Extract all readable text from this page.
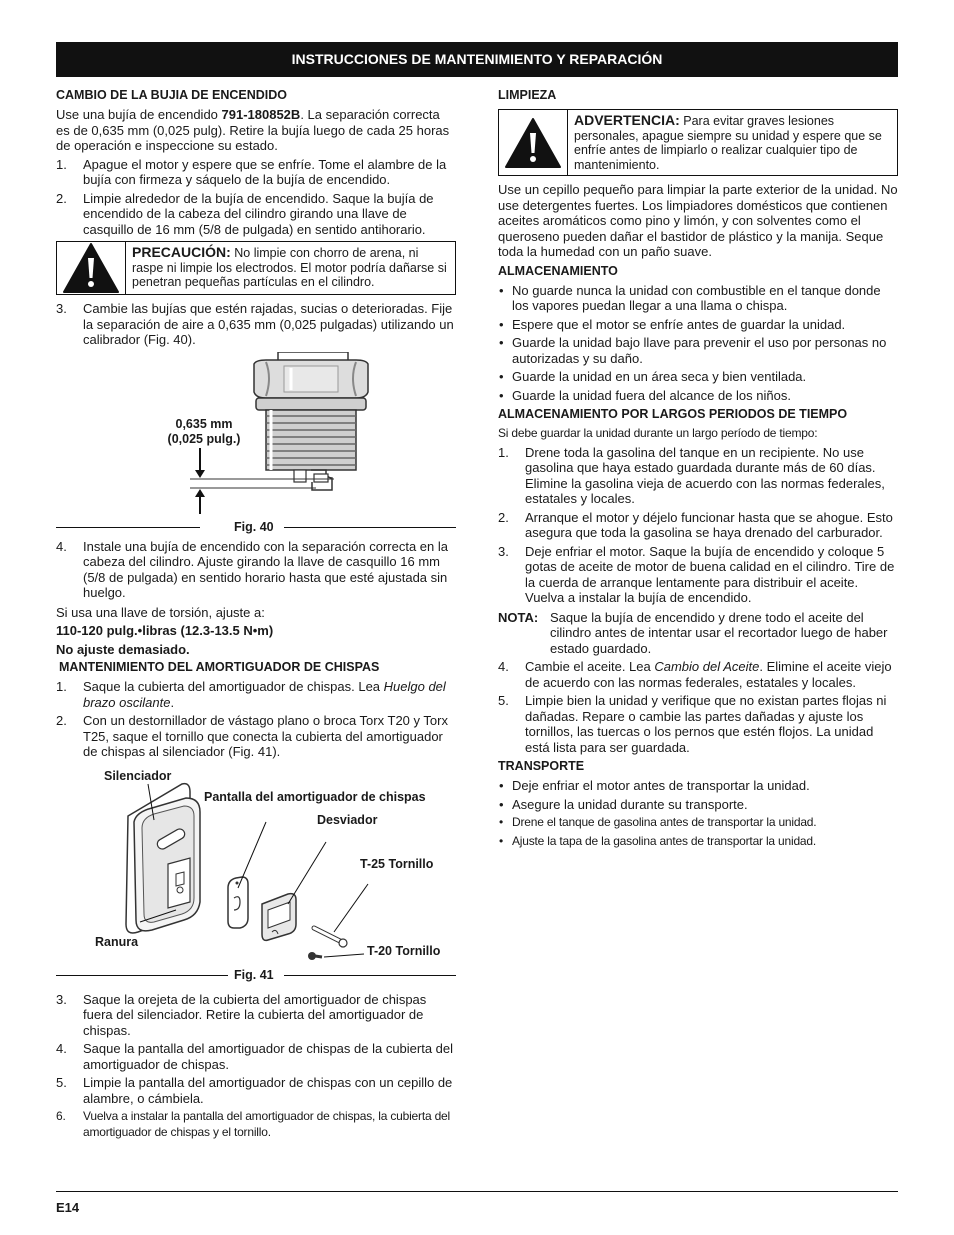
INSTRUCCIONES DE MANTENIMIENTO Y REPARACIÓN
CAMBIO DE LA BUJIA DE ENCENDIDO

Use una bujía de encendido 791-180852B. La separación correcta es de 0,635 mm (0,025 pulg). Retire la bujía luego de cada 25 horas de operación e inspeccione su estado.

1. Apague el motor y espere que se enfríe. Tome el alambre de la bujía con firmeza y sáquelo de la bujía de encendido.
2. Limpie alrededor de la bujía de encendido. Saque la bujía de encendido de la cabeza del cilindro girando una llave de casquillo de 16 mm (5/8 de pulgada) en sentido antihorario.
PRECAUCIÓN: No limpie con chorro de arena, ni raspe ni limpie los electrodos. El motor podría dañarse si penetran pequeñas partículas en el cilindro.
3. Cambie las bujías que estén rajadas, sucias o deterioradas. Fije la separación de aire a 0,635 mm (0,025 pulgadas) utilizando un calibrador (Fig. 40).
0,635 mm
(0,025 pulg.)
Fig. 40
4. Instale una bujía de encendido con la separación correcta en la cabeza del cilindro. Ajuste girando la llave de casquillo 16 mm (5/8 de pulgada) en sentido horario hasta que esté ajustada sin huelgo.

Si usa una llave de torsión, ajuste a:

110-120 pulg.•libras (12.3-13.5 N•m)

No ajuste demasiado.

MANTENIMIENTO DEL AMORTIGUADOR DE CHISPAS
1. Saque la cubierta del amortiguador de chispas. Lea Huelgo del brazo oscilante.
2. Con un destornillador de vástago plano o broca Torx T20 y Torx T25, saque el tornillo que conecta la cubierta del amortiguador de chispas al silenciador (Fig. 41).
Silenciador
Pantalla del amortiguador de chispas
Desviador
T-25 Tornillo
Ranura
T-20 Tornillo
Fig. 41
3. Saque la orejeta de la cubierta del amortiguador de chispas fuera del silenciador. Retire la cubierta del amortiguador de chispas.
4. Saque la pantalla del amortiguador de chispas de la cubierta del amortiguador de chispas.
5. Limpie la pantalla del amortiguador de chispas con un cepillo de alambre, o cámbiela.
6. Vuelva a instalar la pantalla del amortiguador de chispas, la cubierta del amortiguador de chispas y el tornillo.
LIMPIEZA
ADVERTENCIA: Para evitar graves lesiones personales, apague siempre su unidad y espere que se enfríe antes de limpiarlo o realizar cualquier tipo de mantenimiento.

Use un cepillo pequeño para limpiar la parte exterior de la unidad. No use detergentes fuertes. Los limpiadores domésticos que contienen aceites aromáticos como pino y limón, y con solventes como el queroseno pueden dañar el bastidor de plástico y la manija. Seque toda la humedad con un paño suave.

ALMACENAMIENTO
• No guarde nunca la unidad con combustible en el tanque donde los vapores puedan llegar a una llama o chispa.
• Espere que el motor se enfríe antes de guardar la unidad.
• Guarde la unidad bajo llave para prevenir el uso por personas no autorizadas y su daño.
• Guarde la unidad en un área seca y bien ventilada.
• Guarde la unidad fuera del alcance de los niños.
ALMACENAMIENTO POR LARGOS PERIODOS DE TIEMPO

Si debe guardar la unidad durante un largo período de tiempo:

1. Drene toda la gasolina del tanque en un recipiente. No use gasolina que haya estado guardada durante más de 60 días. Elimine la gasolina vieja de acuerdo con las normas federales, estatales y locales.
2. Arranque el motor y déjelo funcionar hasta que se ahogue. Esto asegura que toda la gasolina se haya drenado del carburador.
3. Deje enfriar el motor. Saque la bujía de encendido y coloque 5 gotas de aceite de motor de buena calidad en el cilindro. Tire de la cuerda de arranque lentamente para distribuir el aceite. Vuelva a instalar la bujía de encendido.
NOTA: Saque la bujía de encendido y drene todo el aceite del cilindro antes de intentar usar el recortador luego de haber estado guardado.
4. Cambie el aceite. Lea Cambio del Aceite. Elimine el aceite viejo de acuerdo con las normas federales, estatales y locales.
5. Limpie bien la unidad y verifique que no existan partes flojas ni dañadas. Repare o cambie las partes dañadas y ajuste los tornillos, las tuercas o los pernos que estén flojos. La unidad está lista para ser guardada.
TRANSPORTE
• Deje enfriar el motor antes de transportar la unidad.
• Asegure la unidad durante su transporte.
• Drene el tanque de gasolina antes de transportar la unidad.
• Ajuste la tapa de la gasolina antes de transportar la unidad.
E14
